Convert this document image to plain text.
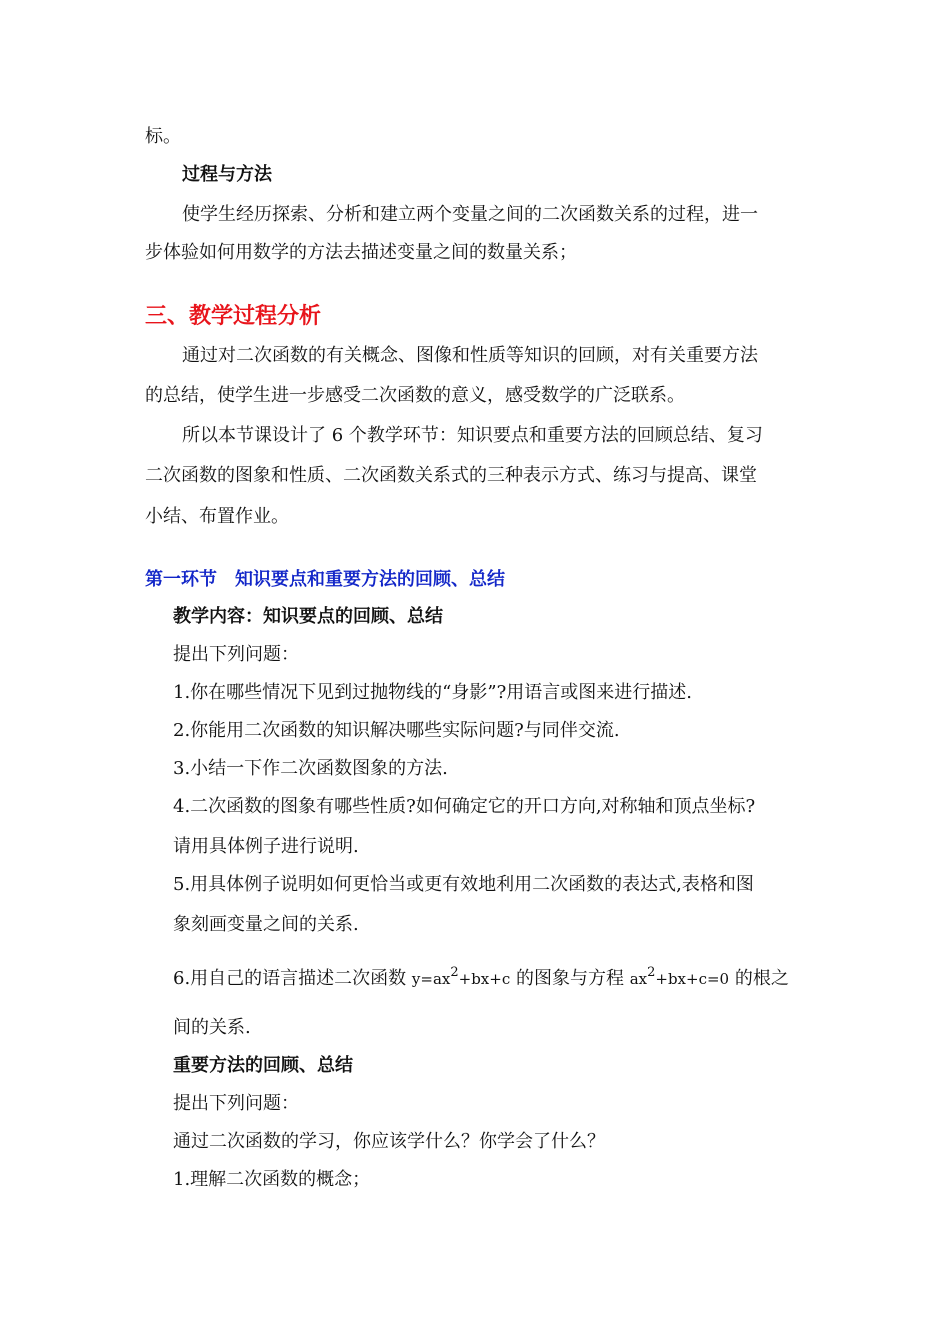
标。
过程与方法
使学生经历探索、分析和建立两个变量之间的二次函数关系的过程，进一
步体验如何用数学的方法去描述变量之间的数量关系；
三、教学过程分析
通过对二次函数的有关概念、图像和性质等知识的回顾，对有关重要方法
的总结，使学生进一步感受二次函数的意义，感受数学的广泛联系。
所以本节课设计了 6 个教学环节：知识要点和重要方法的回顾总结、复习
二次函数的图象和性质、二次函数关系式的三种表示方式、练习与提高、课堂
小结、布置作业。
第一环节　知识要点和重要方法的回顾、总结
教学内容：知识要点的回顾、总结
提出下列问题：
1.你在哪些情况下见到过抛物线的“身影”?用语言或图来进行描述.
2.你能用二次函数的知识解决哪些实际问题?与同伴交流.
3.小结一下作二次函数图象的方法.
4.二次函数的图象有哪些性质?如何确定它的开口方向,对称轴和顶点坐标?
请用具体例子进行说明.
5.用具体例子说明如何更恰当或更有效地利用二次函数的表达式,表格和图
象刻画变量之间的关系.
6.用自己的语言描述二次函数 $y=ax^2+bx+c$ 的图象与方程 $ax^2+bx+c=0$ 的根之
间的关系.
重要方法的回顾、总结
提出下列问题：
通过二次函数的学习，你应该学什么？你学会了什么？
1.理解二次函数的概念；
